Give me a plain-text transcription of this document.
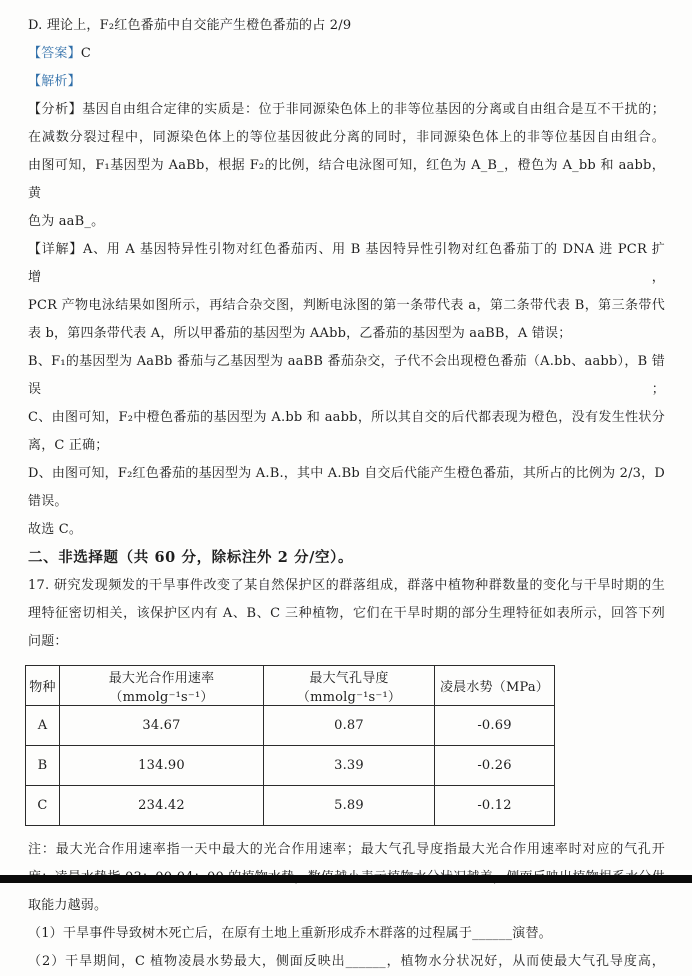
D. 理论上，F₂红色番茄中自交能产生橙色番茄的占 2/9

【答案】C

【解析】

【分析】基因自由组合定律的实质是：位于非同源染色体上的非等位基因的分离或自由组合是互不干扰的；

在减数分裂过程中，同源染色体上的等位基因彼此分离的同时，非同源染色体上的非等位基因自由组合。

由图可知，F₁基因型为 AaBb，根据 F₂的比例，结合电泳图可知，红色为 A_B_，橙色为 A_bb 和 aabb，黄

色为 aaB_。

【详解】A、用 A 基因特异性引物对红色番茄丙、用 B 基因特异性引物对红色番茄丁的 DNA 进 PCR 扩增，

PCR 产物电泳结果如图所示，再结合杂交图，判断电泳图的第一条带代表 a，第二条带代表 B，第三条带代

表 b，第四条带代表 A，所以甲番茄的基因型为 AAbb，乙番茄的基因型为 aaBB，A 错误；

B、F₁的基因型为 AaBb 番茄与乙基因型为 aaBB 番茄杂交，子代不会出现橙色番茄（A.bb、aabb），B 错误；

C、由图可知，F₂中橙色番茄的基因型为 A.bb 和 aabb，所以其自交的后代都表现为橙色，没有发生性状分

离，C 正确；

D、由图可知，F₂红色番茄的基因型为 A.B.，其中 A.Bb 自交后代能产生橙色番茄，其所占的比例为 2/3，D

错误。

故选 C。

二、非选择题（共 60 分，除标注外 2 分/空）。

17. 研究发现频发的干旱事件改变了某自然保护区的群落组成，群落中植物种群数量的变化与干旱时期的生

理特征密切相关，该保护区内有 A、B、C 三种植物，它们在干旱时期的部分生理特征如表所示，回答下列

问题：

物种	最大光合作用速率（mmolg⁻¹s⁻¹）	最大气孔导度（mmolg⁻¹s⁻¹）	凌晨水势（MPa）
A	34.67	0.87	-0.69
B	134.90	3.39	-0.26
C	234.42	5.89	-0.12

注：最大光合作用速率指一天中最大的光合作用速率；最大气孔导度指最大光合作用速率时对应的气孔开

取能力越弱。

（1）干旱事件导致树木死亡后，在原有土地上重新形成乔木群落的过程属于______演替。

（2）干旱期间，C 植物凌晨水势最大，侧面反映出______，植物水分状况好，从而使最大气孔导度高，
